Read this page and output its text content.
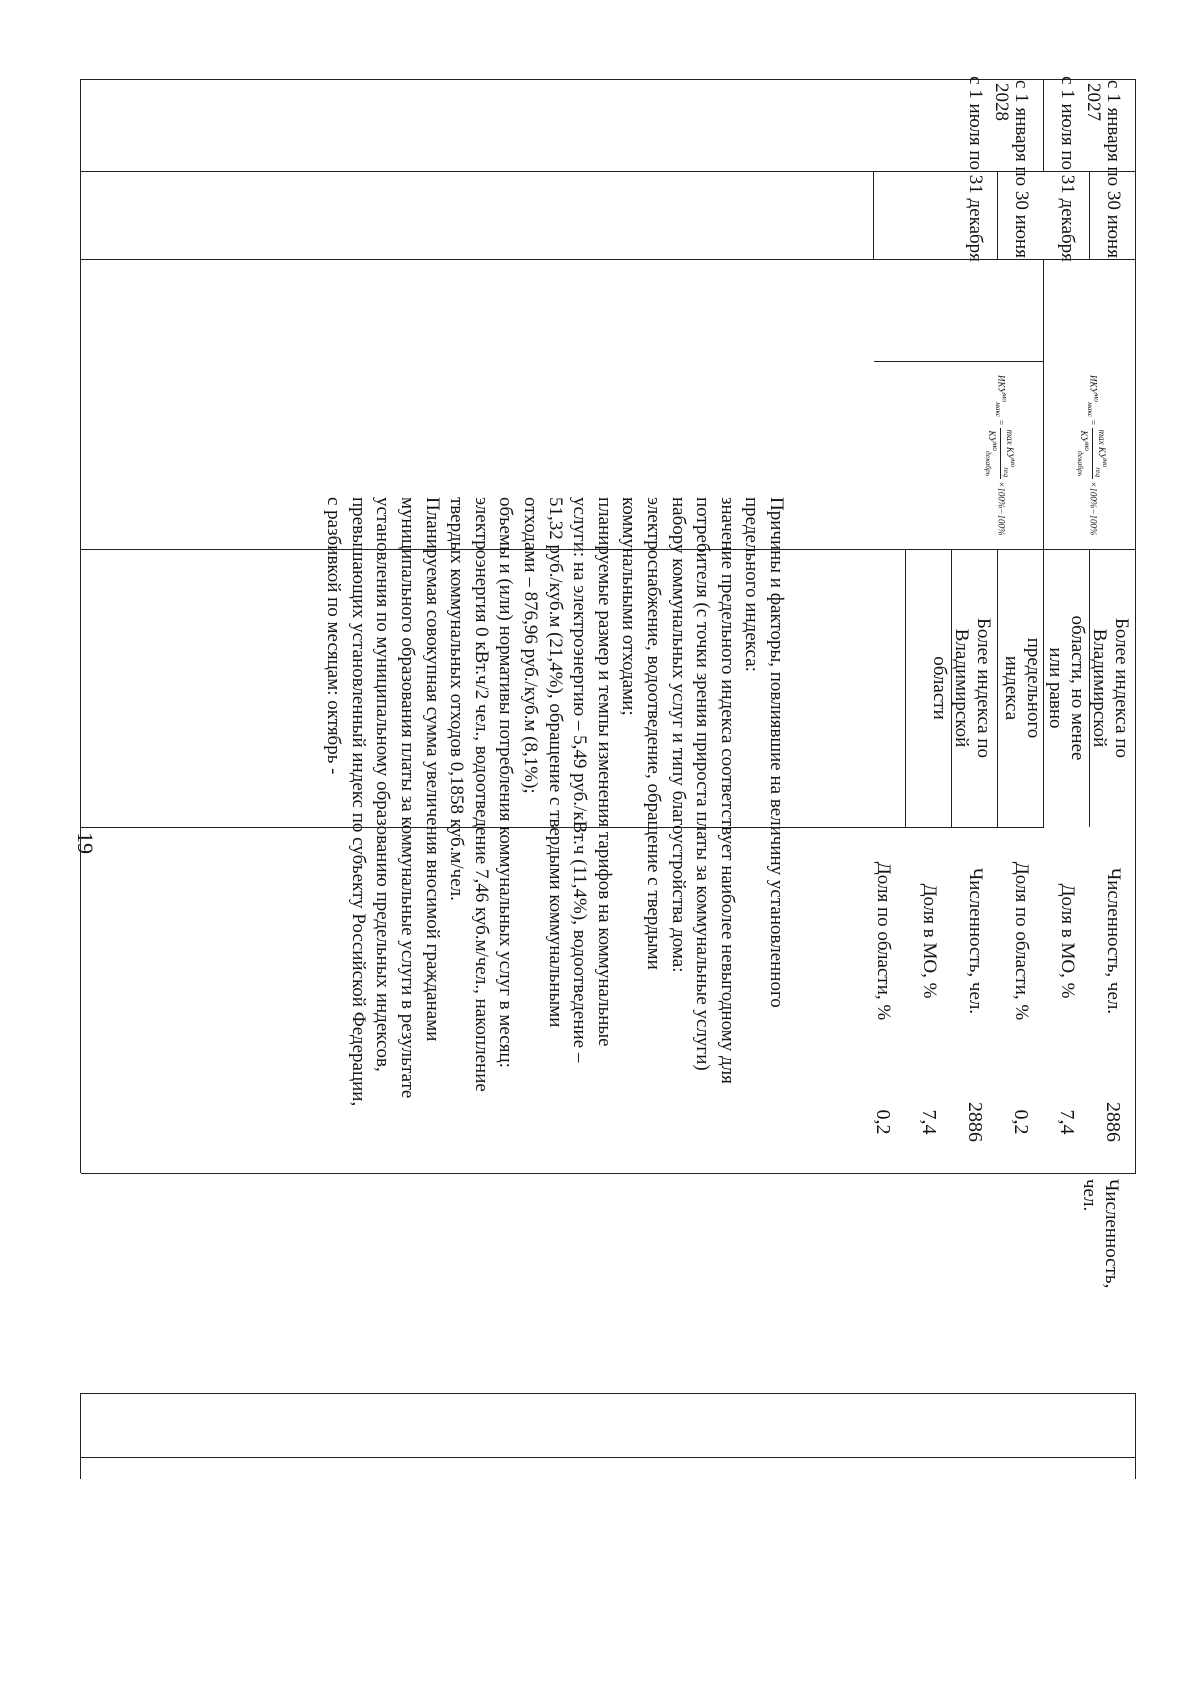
19
2027
2028	с 1 января по 30 июня
с 1 июля по 31 декабря
с 1 января по 30 июня
с 1 июля по 31 декабря
$ИКУ^{мо}_{макс}$ =
$\max КУ^{мо}_{req}$
$КУ^{мо}_{декабрь}$
×100%−100%
$ИКУ^{мо}_{макс}$ =
$\max КУ^{мо}_{req}$
$КУ^{мо}_{декабрь}$
×100%−100%
Более индекса по Владимирской области, но менее или равно предельного индекса
Более индекса по Владимирской области
Численность, чел.
Численность, чел.
Доля в МО, %
Доля по области, %
Численность, чел.
Доля в МО, %
Доля по области, %
2886
7,4
0,2
2886
7,4
0,2

Причины и факторы, повлиявшие на величину установленного предельного индекса:

значение предельного индекса соответствует наиболее невыгодному для потребителя (с точки зрения прироста платы за коммунальные услуги) набору коммунальных услуг и типу благоустройства дома: электроснабжение, водоотведение, обращение с твердыми коммунальными отходами;

планируемые размер и темпы изменения тарифов на коммунальные услуги: на электроэнергию – 5,49 руб./кВт.ч (11,4%), водоотведение – 51,32 руб./куб.м (21,4%), обращение с твердыми коммунальными отходами – 876,96 руб./куб.м (8,1%);

объемы и (или) нормативы потребления коммунальных услуг в месяц: электроэнергия 0 кВт.ч/2 чел., водоотведение 7,46 куб.м/чел., накопление твердых коммунальных отходов 0,1858 куб.м/чел.

Планируемая совокупная сумма увеличения вносимой гражданами муниципального образования платы за коммунальные услуги в результате установления по муниципальному образованию предельных индексов, превышающих установленный индекс по субъекту Российской Федерации, с разбивкой по месяцам: октябрь -
